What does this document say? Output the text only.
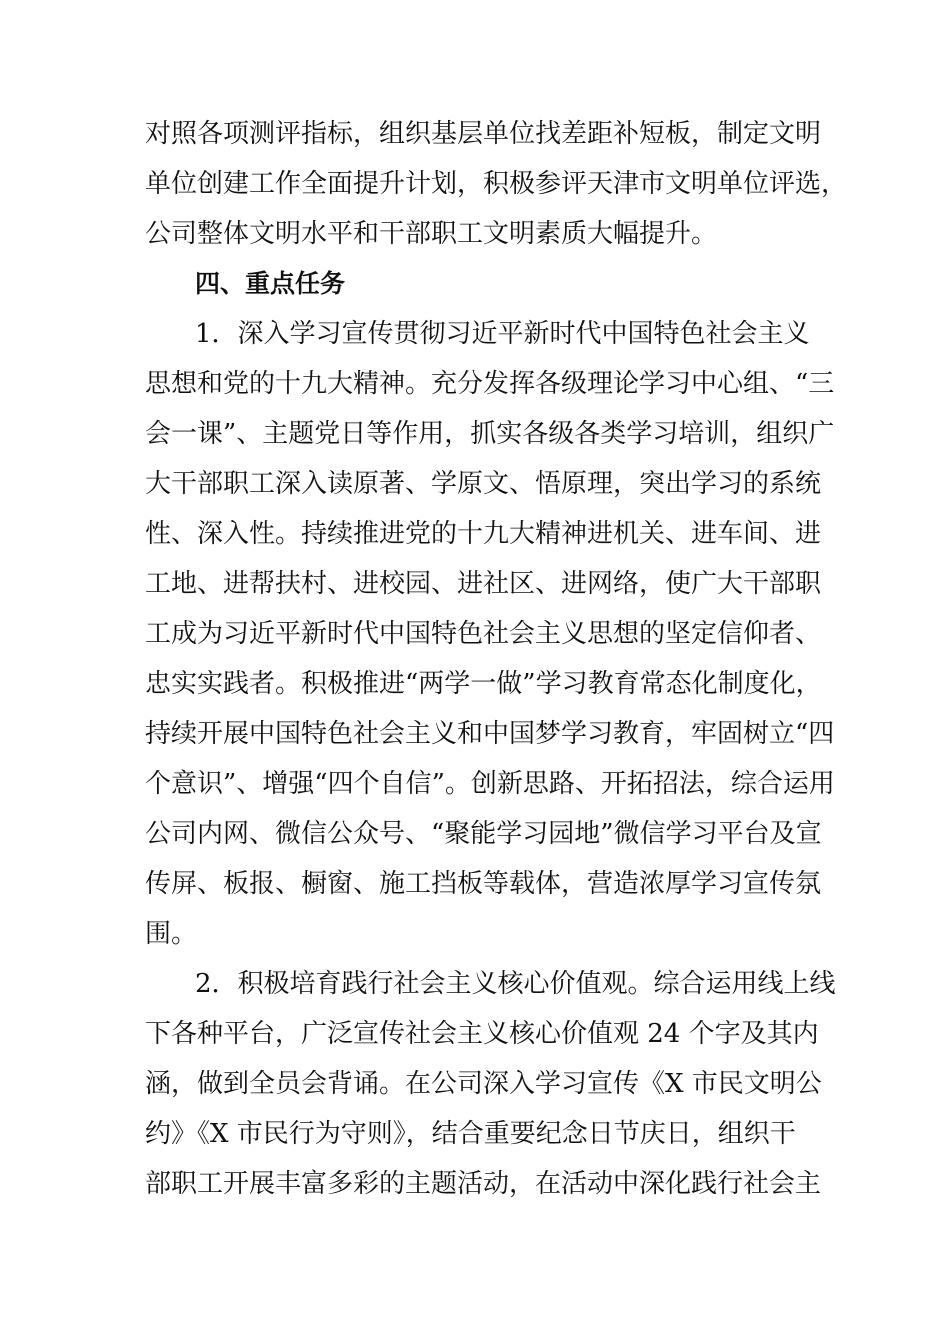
对照各项测评指标，组织基层单位找差距补短板，制定文明
单位创建工作全面提升计划，积极参评天津市文明单位评选，
公司整体文明水平和干部职工文明素质大幅提升。
四、重点任务
1．深入学习宣传贯彻习近平新时代中国特色社会主义
思想和党的十九大精神。充分发挥各级理论学习中心组、“三
会一课”、主题党日等作用，抓实各级各类学习培训，组织广
大干部职工深入读原著、学原文、悟原理，突出学习的系统
性、深入性。持续推进党的十九大精神进机关、进车间、进
工地、进帮扶村、进校园、进社区、进网络，使广大干部职
工成为习近平新时代中国特色社会主义思想的坚定信仰者、
忠实实践者。积极推进“两学一做”学习教育常态化制度化，
持续开展中国特色社会主义和中国梦学习教育，牢固树立“四
个意识”、增强“四个自信”。创新思路、开拓招法，综合运用
公司内网、微信公众号、“聚能学习园地”微信学习平台及宣
传屏、板报、橱窗、施工挡板等载体，营造浓厚学习宣传氛
围。
2．积极培育践行社会主义核心价值观。综合运用线上线
下各种平台，广泛宣传社会主义核心价值观 24 个字及其内
涵，做到全员会背诵。在公司深入学习宣传《X 市民文明公
约》《X 市民行为守则》，结合重要纪念日节庆日，组织干
部职工开展丰富多彩的主题活动，在活动中深化践行社会主
